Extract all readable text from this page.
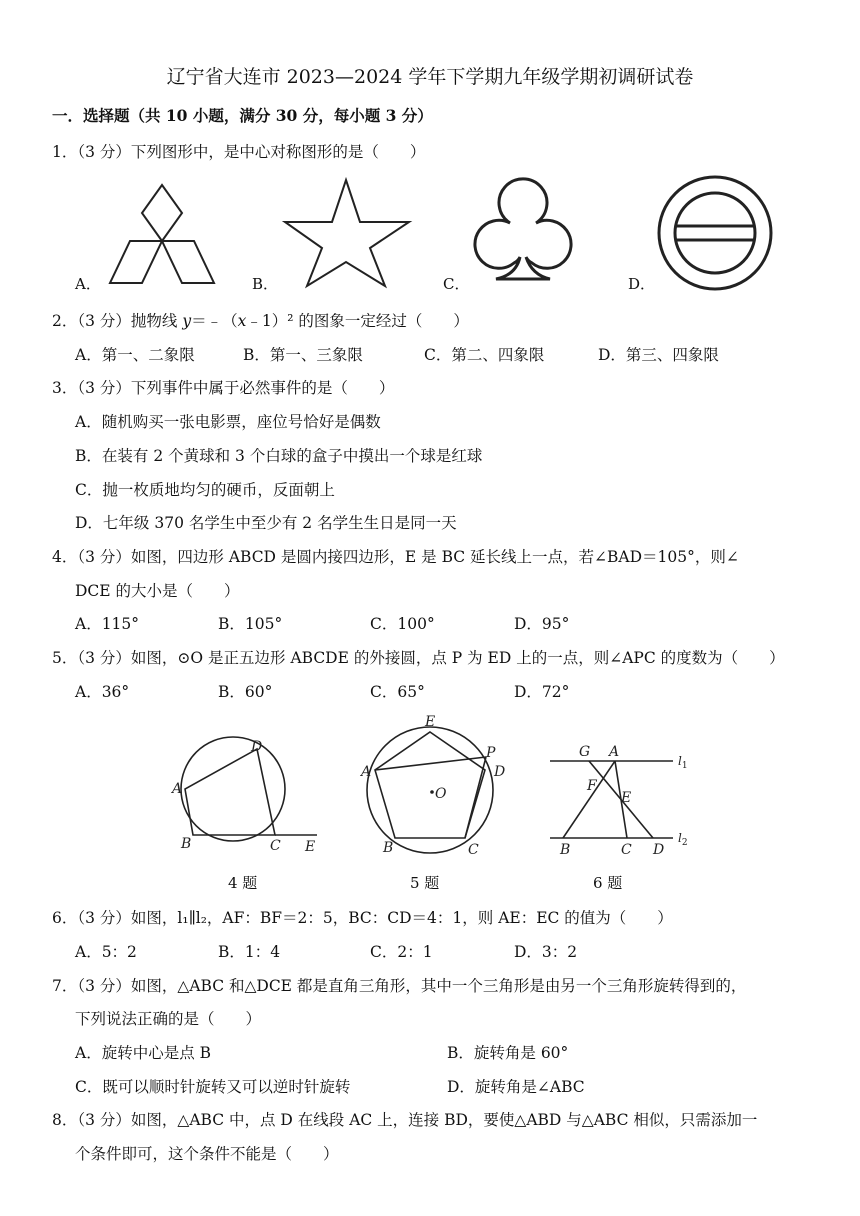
辽宁省大连市 2023—2024 学年下学期九年级学期初调研试卷
一．选择题（共 10 小题，满分 30 分，每小题 3 分）
1．（3 分）下列图形中，是中心对称图形的是（　　）
A．	B．	C．	D．
2．（3 分）抛物线 y＝﹣（x﹣1）² 的图象一定经过（　　）
A．第一、二象限	B．第一、三象限	C．第二、四象限	D．第三、四象限
3．（3 分）下列事件中属于必然事件的是（　　）
A．随机购买一张电影票，座位号恰好是偶数
B．在装有 2 个黄球和 3 个白球的盒子中摸出一个球是红球
C．抛一枚质地均匀的硬币，反面朝上
D．七年级 370 名学生中至少有 2 名学生生日是同一天
4．（3 分）如图，四边形 ABCD 是圆内接四边形，E 是 BC 延长线上一点，若∠BAD＝105°，则∠
DCE 的大小是（　　）
A．115°	B．105°	C．100°	D．95°
5．（3 分）如图，⊙O 是正五边形 ABCDE 的外接圆，点 P 为 ED 上的一点，则∠APC 的度数为（　　）
A．36°	B．60°	C．65°	D．72°
A
B	C
D
E
4 题
A
B	C
D
E
P
O
5 题
G A
F
E
B	C D
$l_1$
$l_2$
6 题
6．（3 分）如图，l₁∥l₂，AF：BF＝2：5，BC：CD＝4：1，则 AE：EC 的值为（　　）
A．5：2	B．1：4	C．2：1	D．3：2
7．（3 分）如图，△ABC 和△DCE 都是直角三角形，其中一个三角形是由另一个三角形旋转得到的，
下列说法正确的是（　　）
A．旋转中心是点 B	B．旋转角是 60°
C．既可以顺时针旋转又可以逆时针旋转	D．旋转角是∠ABC
8．（3 分）如图，△ABC 中，点 D 在线段 AC 上，连接 BD，要使△ABD 与△ABC 相似，只需添加一
个条件即可，这个条件不能是（　　）
